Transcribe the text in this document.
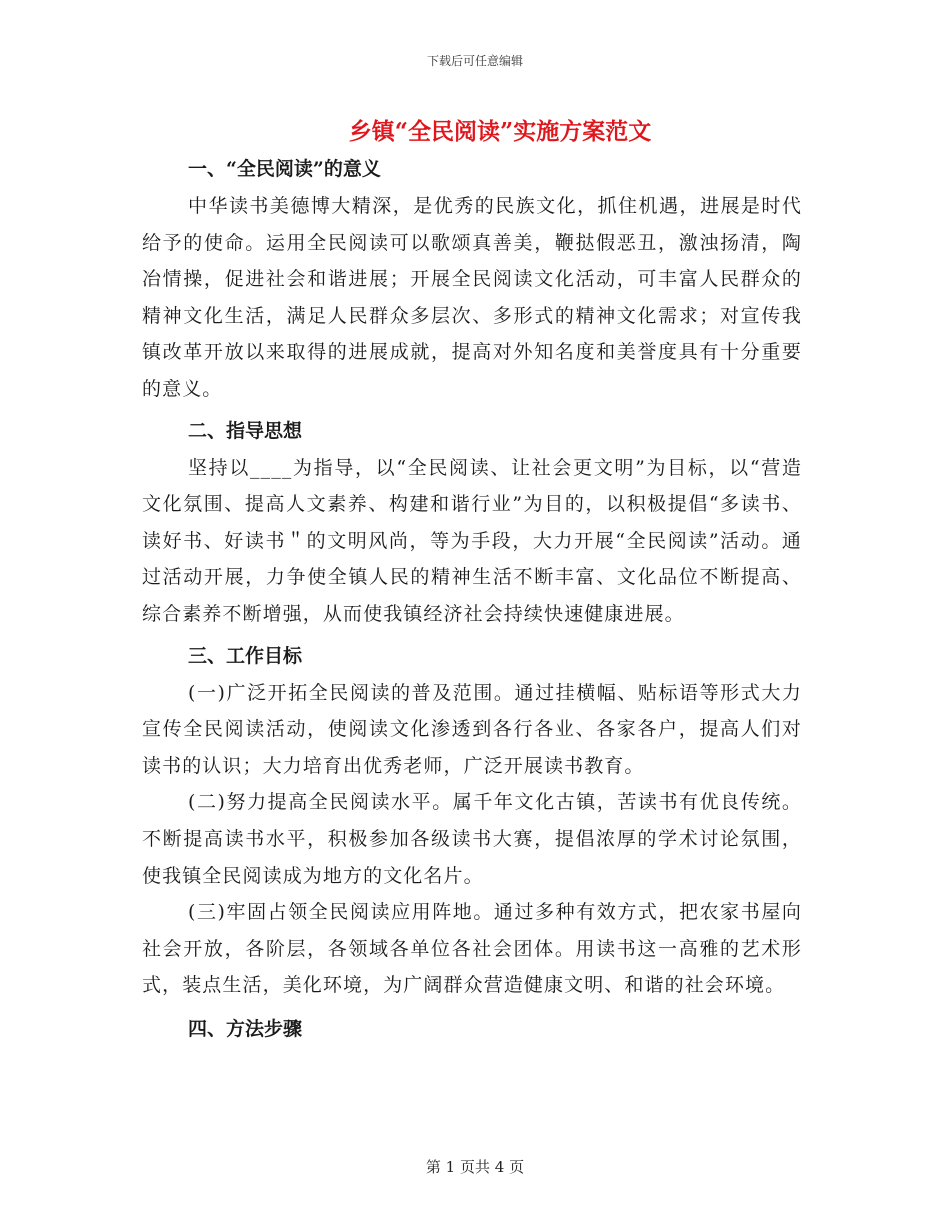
下载后可任意编辑
乡镇“全民阅读”实施方案范文
一、“全民阅读”的意义

中华读书美德博大精深，是优秀的民族文化，抓住机遇，进展是时代给予的使命。运用全民阅读可以歌颂真善美，鞭挞假恶丑，激浊扬清，陶冶情操，促进社会和谐进展；开展全民阅读文化活动，可丰富人民群众的精神文化生活，满足人民群众多层次、多形式的精神文化需求；对宣传我镇改革开放以来取得的进展成就，提高对外知名度和美誉度具有十分重要的意义。

二、指导思想

坚持以____为指导，以“全民阅读、让社会更文明”为目标，以“营造文化氛围、提高人文素养、构建和谐行业”为目的，以积极提倡“多读书、读好书、好读书＂的文明风尚，等为手段，大力开展“全民阅读”活动。通过活动开展，力争使全镇人民的精神生活不断丰富、文化品位不断提高、综合素养不断增强，从而使我镇经济社会持续快速健康进展。

三、工作目标

(一)广泛开拓全民阅读的普及范围。通过挂横幅、贴标语等形式大力宣传全民阅读活动，使阅读文化渗透到各行各业、各家各户，提高人们对读书的认识；大力培育出优秀老师，广泛开展读书教育。

(二)努力提高全民阅读水平。属千年文化古镇，苦读书有优良传统。不断提高读书水平，积极参加各级读书大赛，提倡浓厚的学术讨论氛围，使我镇全民阅读成为地方的文化名片。

(三)牢固占领全民阅读应用阵地。通过多种有效方式，把农家书屋向社会开放，各阶层，各领域各单位各社会团体。用读书这一高雅的艺术形式，装点生活，美化环境，为广阔群众营造健康文明、和谐的社会环境。

四、方法步骤
第 1 页共 4 页
